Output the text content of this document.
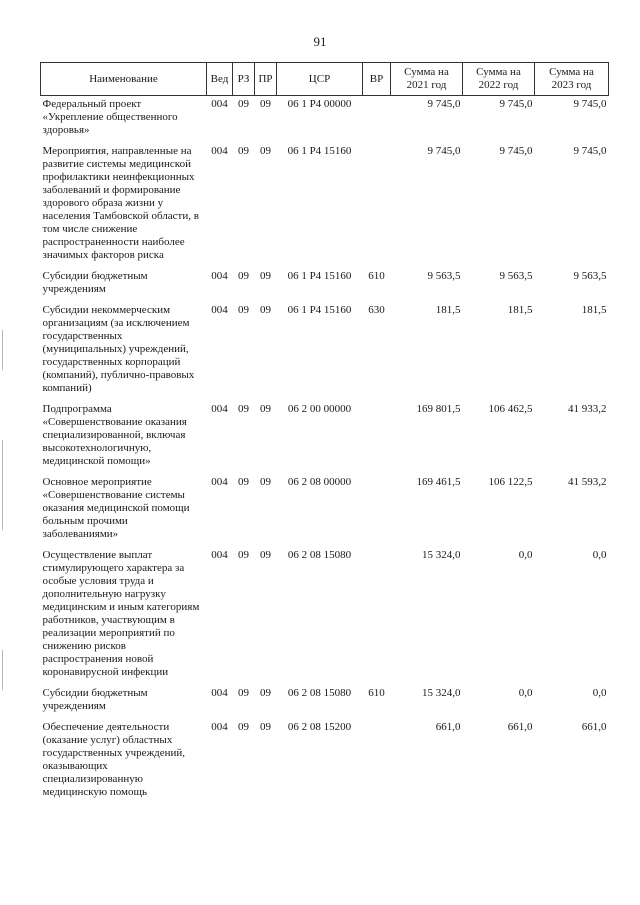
91
Наименование	Вед	РЗ	ПР	ЦСР	ВР	Сумма на 2021 год	Сумма на 2022 год	Сумма на 2023 год
Федеральный проект «Укрепление общественного здоровья»	004	09	09	06 1 P4 00000		9 745,0	9 745,0	9 745,0
Мероприятия, направленные на развитие системы медицинской профилактики неинфекционных заболеваний и формирование здорового образа жизни у населения Тамбовской области, в том числе снижение распространенности наиболее значимых факторов риска	004	09	09	06 1 P4 15160		9 745,0	9 745,0	9 745,0
Субсидии бюджетным учреждениям	004	09	09	06 1 P4 15160	610	9 563,5	9 563,5	9 563,5
Субсидии некоммерческим организациям (за исключением государственных (муниципальных) учреждений, государственных корпораций (компаний), публично-правовых компаний)	004	09	09	06 1 P4 15160	630	181,5	181,5	181,5
Подпрограмма «Совершенствование оказания специализированной, включая высокотехнологичную, медицинской помощи»	004	09	09	06 2 00 00000		169 801,5	106 462,5	41 933,2
Основное мероприятие «Совершенствование системы оказания медицинской помощи больным прочими заболеваниями»	004	09	09	06 2 08 00000		169 461,5	106 122,5	41 593,2
Осуществление выплат стимулирующего характера за особые условия труда и дополнительную нагрузку медицинским и иным категориям работников, участвующим в реализации мероприятий по снижению рисков распространения новой коронавирусной инфекции	004	09	09	06 2 08 15080		15 324,0	0,0	0,0
Субсидии бюджетным учреждениям	004	09	09	06 2 08 15080	610	15 324,0	0,0	0,0
Обеспечение деятельности (оказание услуг) областных государственных учреждений, оказывающих специализированную медицинскую помощь	004	09	09	06 2 08 15200		661,0	661,0	661,0
